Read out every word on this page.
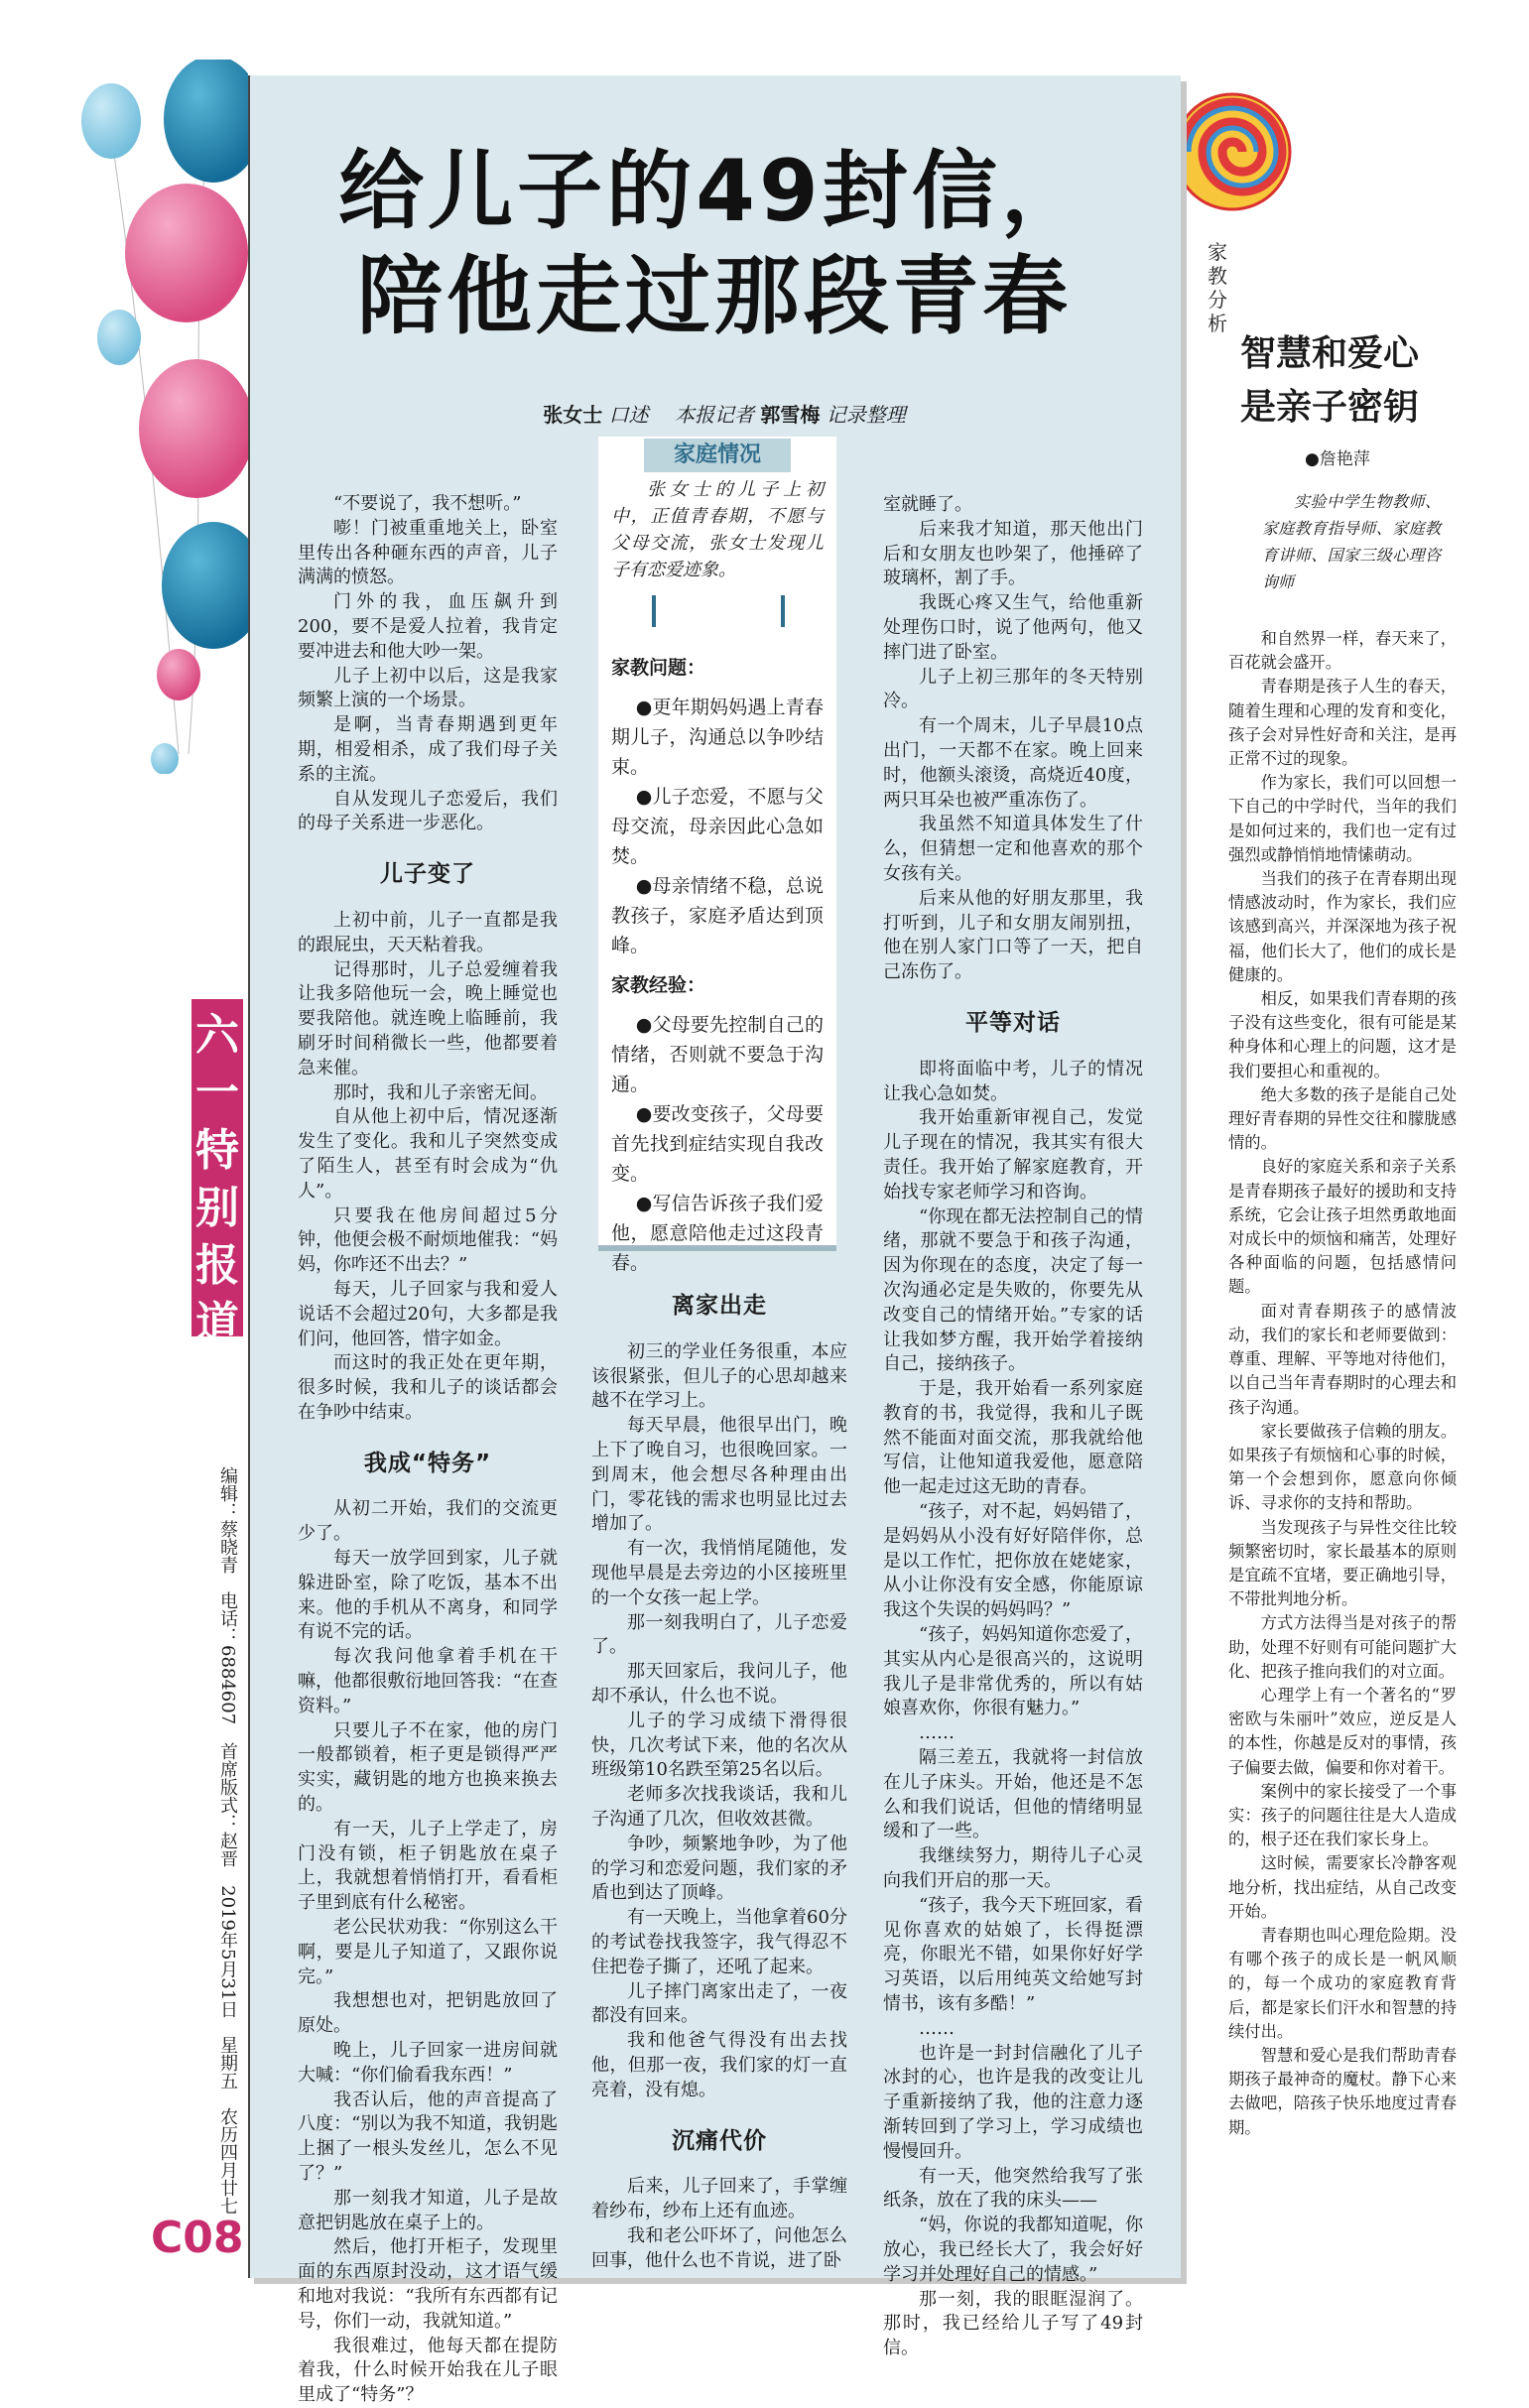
给儿子的49封信，
陪他走过那段青春
张女士 口述　 本报记者 郭雪梅 记录整理

“不要说了，我不想听。”

嘭！门被重重地关上，卧室里传出各种砸东西的声音，儿子满满的愤怒。

门外的我，血压飙升到200，要不是爱人拉着，我肯定要冲进去和他大吵一架。

儿子上初中以后，这是我家频繁上演的一个场景。

是啊，当青春期遇到更年期，相爱相杀，成了我们母子关系的主流。

自从发现儿子恋爱后，我们的母子关系进一步恶化。

儿子变了

上初中前，儿子一直都是我的跟屁虫，天天粘着我。

记得那时，儿子总爱缠着我让我多陪他玩一会，晚上睡觉也要我陪他。就连晚上临睡前，我刷牙时间稍微长一些，他都要着急来催。

那时，我和儿子亲密无间。

自从他上初中后，情况逐渐发生了变化。我和儿子突然变成了陌生人，甚至有时会成为“仇人”。

只要我在他房间超过5分钟，他便会极不耐烦地催我：“妈妈，你咋还不出去？”

每天，儿子回家与我和爱人说话不会超过20句，大多都是我们问，他回答，惜字如金。

而这时的我正处在更年期，很多时候，我和儿子的谈话都会在争吵中结束。

我成“特务”

从初二开始，我们的交流更少了。

每天一放学回到家，儿子就躲进卧室，除了吃饭，基本不出来。他的手机从不离身，和同学有说不完的话。

每次我问他拿着手机在干嘛，他都很敷衍地回答我：“在查资料。”

只要儿子不在家，他的房门一般都锁着，柜子更是锁得严严实实，藏钥匙的地方也换来换去的。

有一天，儿子上学走了，房门没有锁，柜子钥匙放在桌子上，我就想着悄悄打开，看看柜子里到底有什么秘密。

老公民状劝我：“你别这么干啊，要是儿子知道了，又跟你说完。”

我想想也对，把钥匙放回了原处。

晚上，儿子回家一进房间就大喊：“你们偷看我东西！”

我否认后，他的声音提高了八度：“别以为我不知道，我钥匙上捆了一根头发丝儿，怎么不见了？”

那一刻我才知道，儿子是故意把钥匙放在桌子上的。

然后，他打开柜子，发现里面的东西原封没动，这才语气缓和地对我说：“我所有东西都有记号，你们一动，我就知道。”

我很难过，他每天都在提防着我，什么时候开始我在儿子眼里成了“特务”？

家庭情况
张女士的儿子上初中，正值青春期，不愿与父母交流，张女士发现儿子有恋爱迹象。
家教问题：

●更年期妈妈遇上青春期儿子，沟通总以争吵结束。

●儿子恋爱，不愿与父母交流，母亲因此心急如焚。

●母亲情绪不稳，总说教孩子，家庭矛盾达到顶峰。

家教经验：

●父母要先控制自己的情绪，否则就不要急于沟通。

●要改变孩子，父母要首先找到症结实现自我改变。

●写信告诉孩子我们爱他，愿意陪他走过这段青春。

离家出走

初三的学业任务很重，本应该很紧张，但儿子的心思却越来越不在学习上。

每天早晨，他很早出门，晚上下了晚自习，也很晚回家。一到周末，他会想尽各种理由出门，零花钱的需求也明显比过去增加了。

有一次，我悄悄尾随他，发现他早晨是去旁边的小区接班里的一个女孩一起上学。

那一刻我明白了，儿子恋爱了。

那天回家后，我问儿子，他却不承认，什么也不说。

儿子的学习成绩下滑得很快，几次考试下来，他的名次从班级第10名跌至第25名以后。

老师多次找我谈话，我和儿子沟通了几次，但收效甚微。

争吵，频繁地争吵，为了他的学习和恋爱问题，我们家的矛盾也到达了顶峰。

有一天晚上，当他拿着60分的考试卷找我签字，我气得忍不住把卷子撕了，还吼了起来。

儿子摔门离家出走了，一夜都没有回来。

我和他爸气得没有出去找他，但那一夜，我们家的灯一直亮着，没有熄。

沉痛代价

后来，儿子回来了，手掌缠着纱布，纱布上还有血迹。

我和老公吓坏了，问他怎么回事，他什么也不肯说，进了卧

室就睡了。

后来我才知道，那天他出门后和女朋友也吵架了，他捶碎了玻璃杯，割了手。

我既心疼又生气，给他重新处理伤口时，说了他两句，他又摔门进了卧室。

儿子上初三那年的冬天特别冷。

有一个周末，儿子早晨10点出门，一天都不在家。晚上回来时，他额头滚烫，高烧近40度，两只耳朵也被严重冻伤了。

我虽然不知道具体发生了什么，但猜想一定和他喜欢的那个女孩有关。

后来从他的好朋友那里，我打听到，儿子和女朋友闹别扭，他在别人家门口等了一天，把自己冻伤了。

平等对话

即将面临中考，儿子的情况让我心急如焚。

我开始重新审视自己，发觉儿子现在的情况，我其实有很大责任。我开始了解家庭教育，开始找专家老师学习和咨询。

“你现在都无法控制自己的情绪，那就不要急于和孩子沟通，因为你现在的态度，决定了每一次沟通必定是失败的，你要先从改变自己的情绪开始。”专家的话让我如梦方醒，我开始学着接纳自己，接纳孩子。

于是，我开始看一系列家庭教育的书，我觉得，我和儿子既然不能面对面交流，那我就给他写信，让他知道我爱他，愿意陪他一起走过这无助的青春。

“孩子，对不起，妈妈错了，是妈妈从小没有好好陪伴你，总是以工作忙，把你放在姥姥家，从小让你没有安全感，你能原谅我这个失误的妈妈吗？”

“孩子，妈妈知道你恋爱了，其实从内心是很高兴的，这说明我儿子是非常优秀的，所以有姑娘喜欢你，你很有魅力。”

……

隔三差五，我就将一封信放在儿子床头。开始，他还是不怎么和我们说话，但他的情绪明显缓和了一些。

我继续努力，期待儿子心灵向我们开启的那一天。

“孩子，我今天下班回家，看见你喜欢的姑娘了，长得挺漂亮，你眼光不错，如果你好好学习英语，以后用纯英文给她写封情书，该有多酷！”

……

也许是一封封信融化了儿子冰封的心，也许是我的改变让儿子重新接纳了我，他的注意力逐渐转回到了学习上，学习成绩也慢慢回升。

有一天，他突然给我写了张纸条，放在了我的床头——

“妈，你说的我都知道呢，你放心，我已经长大了，我会好好学习并处理好自己的情感。”

那一刻，我的眼眶湿润了。那时，我已经给儿子写了49封信。

家教分析
智慧和爱心
是亲子密钥
●詹艳萍
实验中学生物教师、家庭教育指导师、家庭教育讲师、国家三级心理咨询师

和自然界一样，春天来了，百花就会盛开。

青春期是孩子人生的春天，随着生理和心理的发育和变化，孩子会对异性好奇和关注，是再正常不过的现象。

作为家长，我们可以回想一下自己的中学时代，当年的我们是如何过来的，我们也一定有过强烈或静悄悄地情愫萌动。

当我们的孩子在青春期出现情感波动时，作为家长，我们应该感到高兴，并深深地为孩子祝福，他们长大了，他们的成长是健康的。

相反，如果我们青春期的孩子没有这些变化，很有可能是某种身体和心理上的问题，这才是我们要担心和重视的。

绝大多数的孩子是能自己处理好青春期的异性交往和朦胧感情的。

良好的家庭关系和亲子关系是青春期孩子最好的援助和支持系统，它会让孩子坦然勇敢地面对成长中的烦恼和痛苦，处理好各种面临的问题，包括感情问题。

面对青春期孩子的感情波动，我们的家长和老师要做到：尊重、理解、平等地对待他们，以自己当年青春期时的心理去和孩子沟通。

家长要做孩子信赖的朋友。如果孩子有烦恼和心事的时候，第一个会想到你，愿意向你倾诉、寻求你的支持和帮助。

当发现孩子与异性交往比较频繁密切时，家长最基本的原则是宜疏不宜堵，要正确地引导，不带批判地分析。

方式方法得当是对孩子的帮助，处理不好则有可能问题扩大化、把孩子推向我们的对立面。

心理学上有一个著名的“罗密欧与朱丽叶”效应，逆反是人的本性，你越是反对的事情，孩子偏要去做，偏要和你对着干。

案例中的家长接受了一个事实：孩子的问题往往是大人造成的，根子还在我们家长身上。

这时候，需要家长冷静客观地分析，找出症结，从自己改变开始。

青春期也叫心理危险期。没有哪个孩子的成长是一帆风顺的，每一个成功的家庭教育背后，都是家长们汗水和智慧的持续付出。

智慧和爱心是我们帮助青春期孩子最神奇的魔杖。静下心来去做吧，陪孩子快乐地度过青春期。

六一特别报道
编辑：蔡晓青　电话：6884607　首席版式：赵晋　2019年5月31日　星期五　农历四月廿七
C08
